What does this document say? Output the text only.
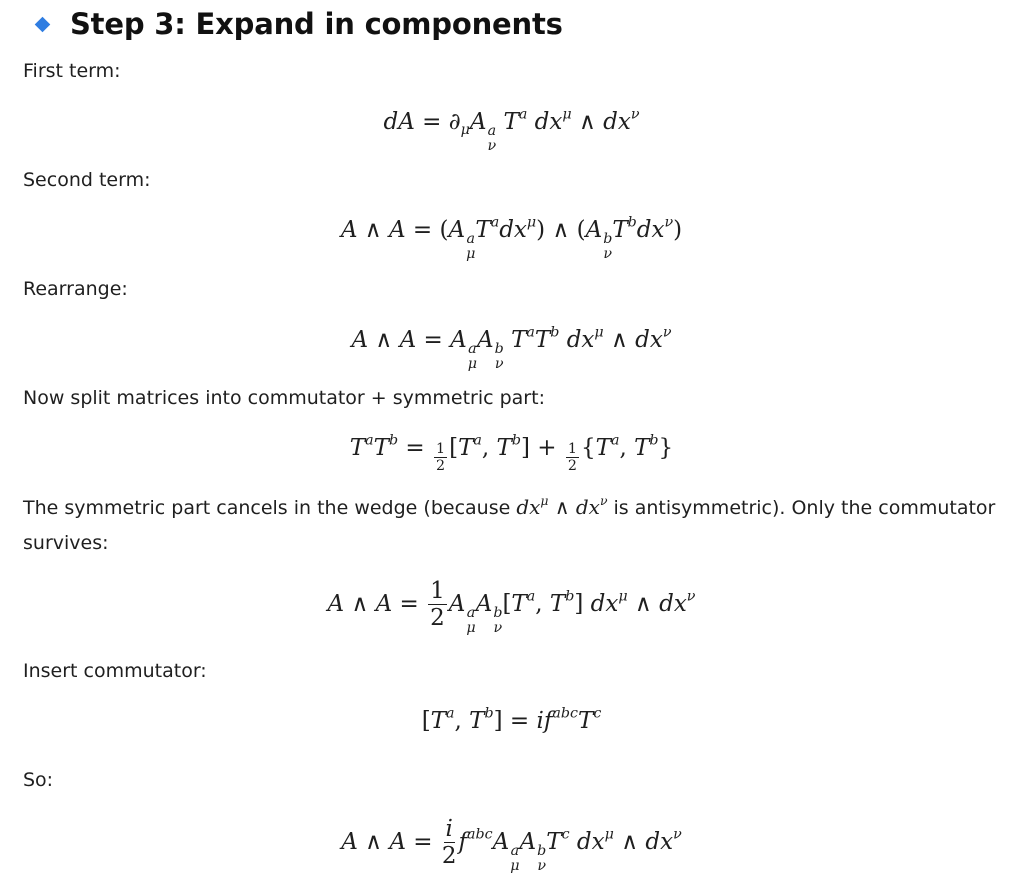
Step 3: Expand in components
First term:
dA = $\partial_\mu A$ a
ν
$T^a$ $dx^\mu$ ∧ $dx^\nu$
Second term:
A ∧ A = (A a
μ
$T^adx^\mu$) ∧ (A b
ν
$T^bdx^\nu$)
Rearrange:
A ∧ A = A a
μ
A b
ν
$T^aT^b$ $dx^\mu$ ∧ $dx^\nu$
Now split matrices into commutator + symmetric part:
$T^aT^b = \frac{1}{2} [T^a$, $T^b] + \frac{1}{2} \{T^a$, $T^b$}
The symmetric part cancels in the wedge (because $dx^\mu$ ∧ $dx^\nu$ is antisymmetric). Only the commutator
survives:
A ∧ $A = \frac{1}{2}$ A a
μ
A b
ν
[$T^a$, $T^b$] $dx^\mu$ ∧ $dx^\nu$
Insert commutator:
[$T^a$, $T^b] = if^{abc}T^c$
So:
A ∧ $A = \frac{i}{2} f^{abc}A$ a
μ
A b
ν
$T^c$ $dx^\mu$ ∧ $dx^\nu$
